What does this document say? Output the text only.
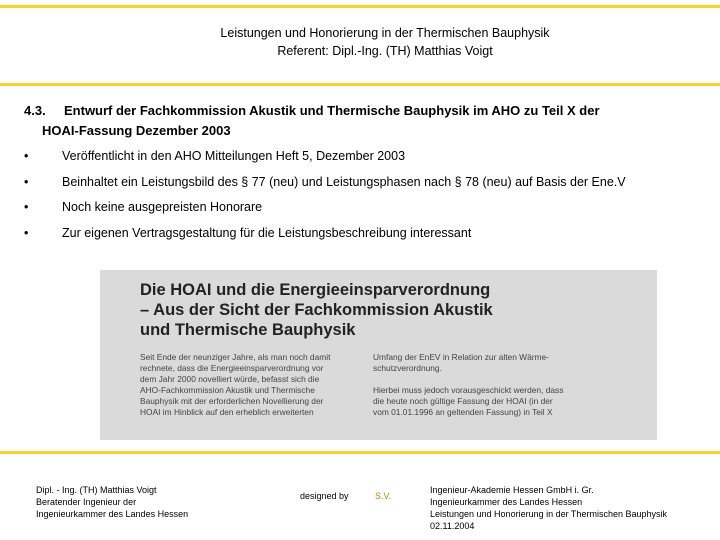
Leistungen und Honorierung in der Thermischen Bauphysik
Referent: Dipl.-Ing. (TH) Matthias Voigt
4.3. Entwurf der Fachkommission Akustik und Thermische Bauphysik im AHO zu Teil X der
HOAI-Fassung Dezember 2003
•	Veröffentlicht in den AHO Mitteilungen Heft 5, Dezember 2003
•	Beinhaltet ein Leistungsbild des § 77 (neu) und Leistungsphasen nach § 78 (neu) auf Basis der Ene.V
•	Noch keine ausgepreisten Honorare
•	Zur eigenen Vertragsgestaltung für die Leistungsbeschreibung interessant
Die HOAI und die Energieeinsparverordnung
– Aus der Sicht der Fachkommission Akustik
und Thermische Bauphysik

Seit Ende der neunziger Jahre, als man noch damit

rechnete, dass die Energieeinsparverordnung vor

dem Jahr 2000 novelliert würde, befasst sich die

AHO-Fachkommission Akustik und Thermische

Bauphysik mit der erforderlichen Novellierung der

HOAI im Hinblick auf den erheblich erweiterten

Umfang der EnEV in Relation zur alten Wärme-

schutzverordnung.

Hierbei muss jedoch vorausgeschickt werden, dass

die heute noch gültige Fassung der HOAI (in der

vom 01.01.1996 an geltenden Fassung) in Teil X

Dipl. - Ing. (TH) Matthias Voigt

Beratender Ingenieur der

Ingenieurkammer des Landes Hessen

designed by	S.V.

Ingenieur-Akademie Hessen GmbH i. Gr.

Ingenieurkammer des Landes Hessen

Leistungen und Honorierung in der Thermischen Bauphysik

02.11.2004
